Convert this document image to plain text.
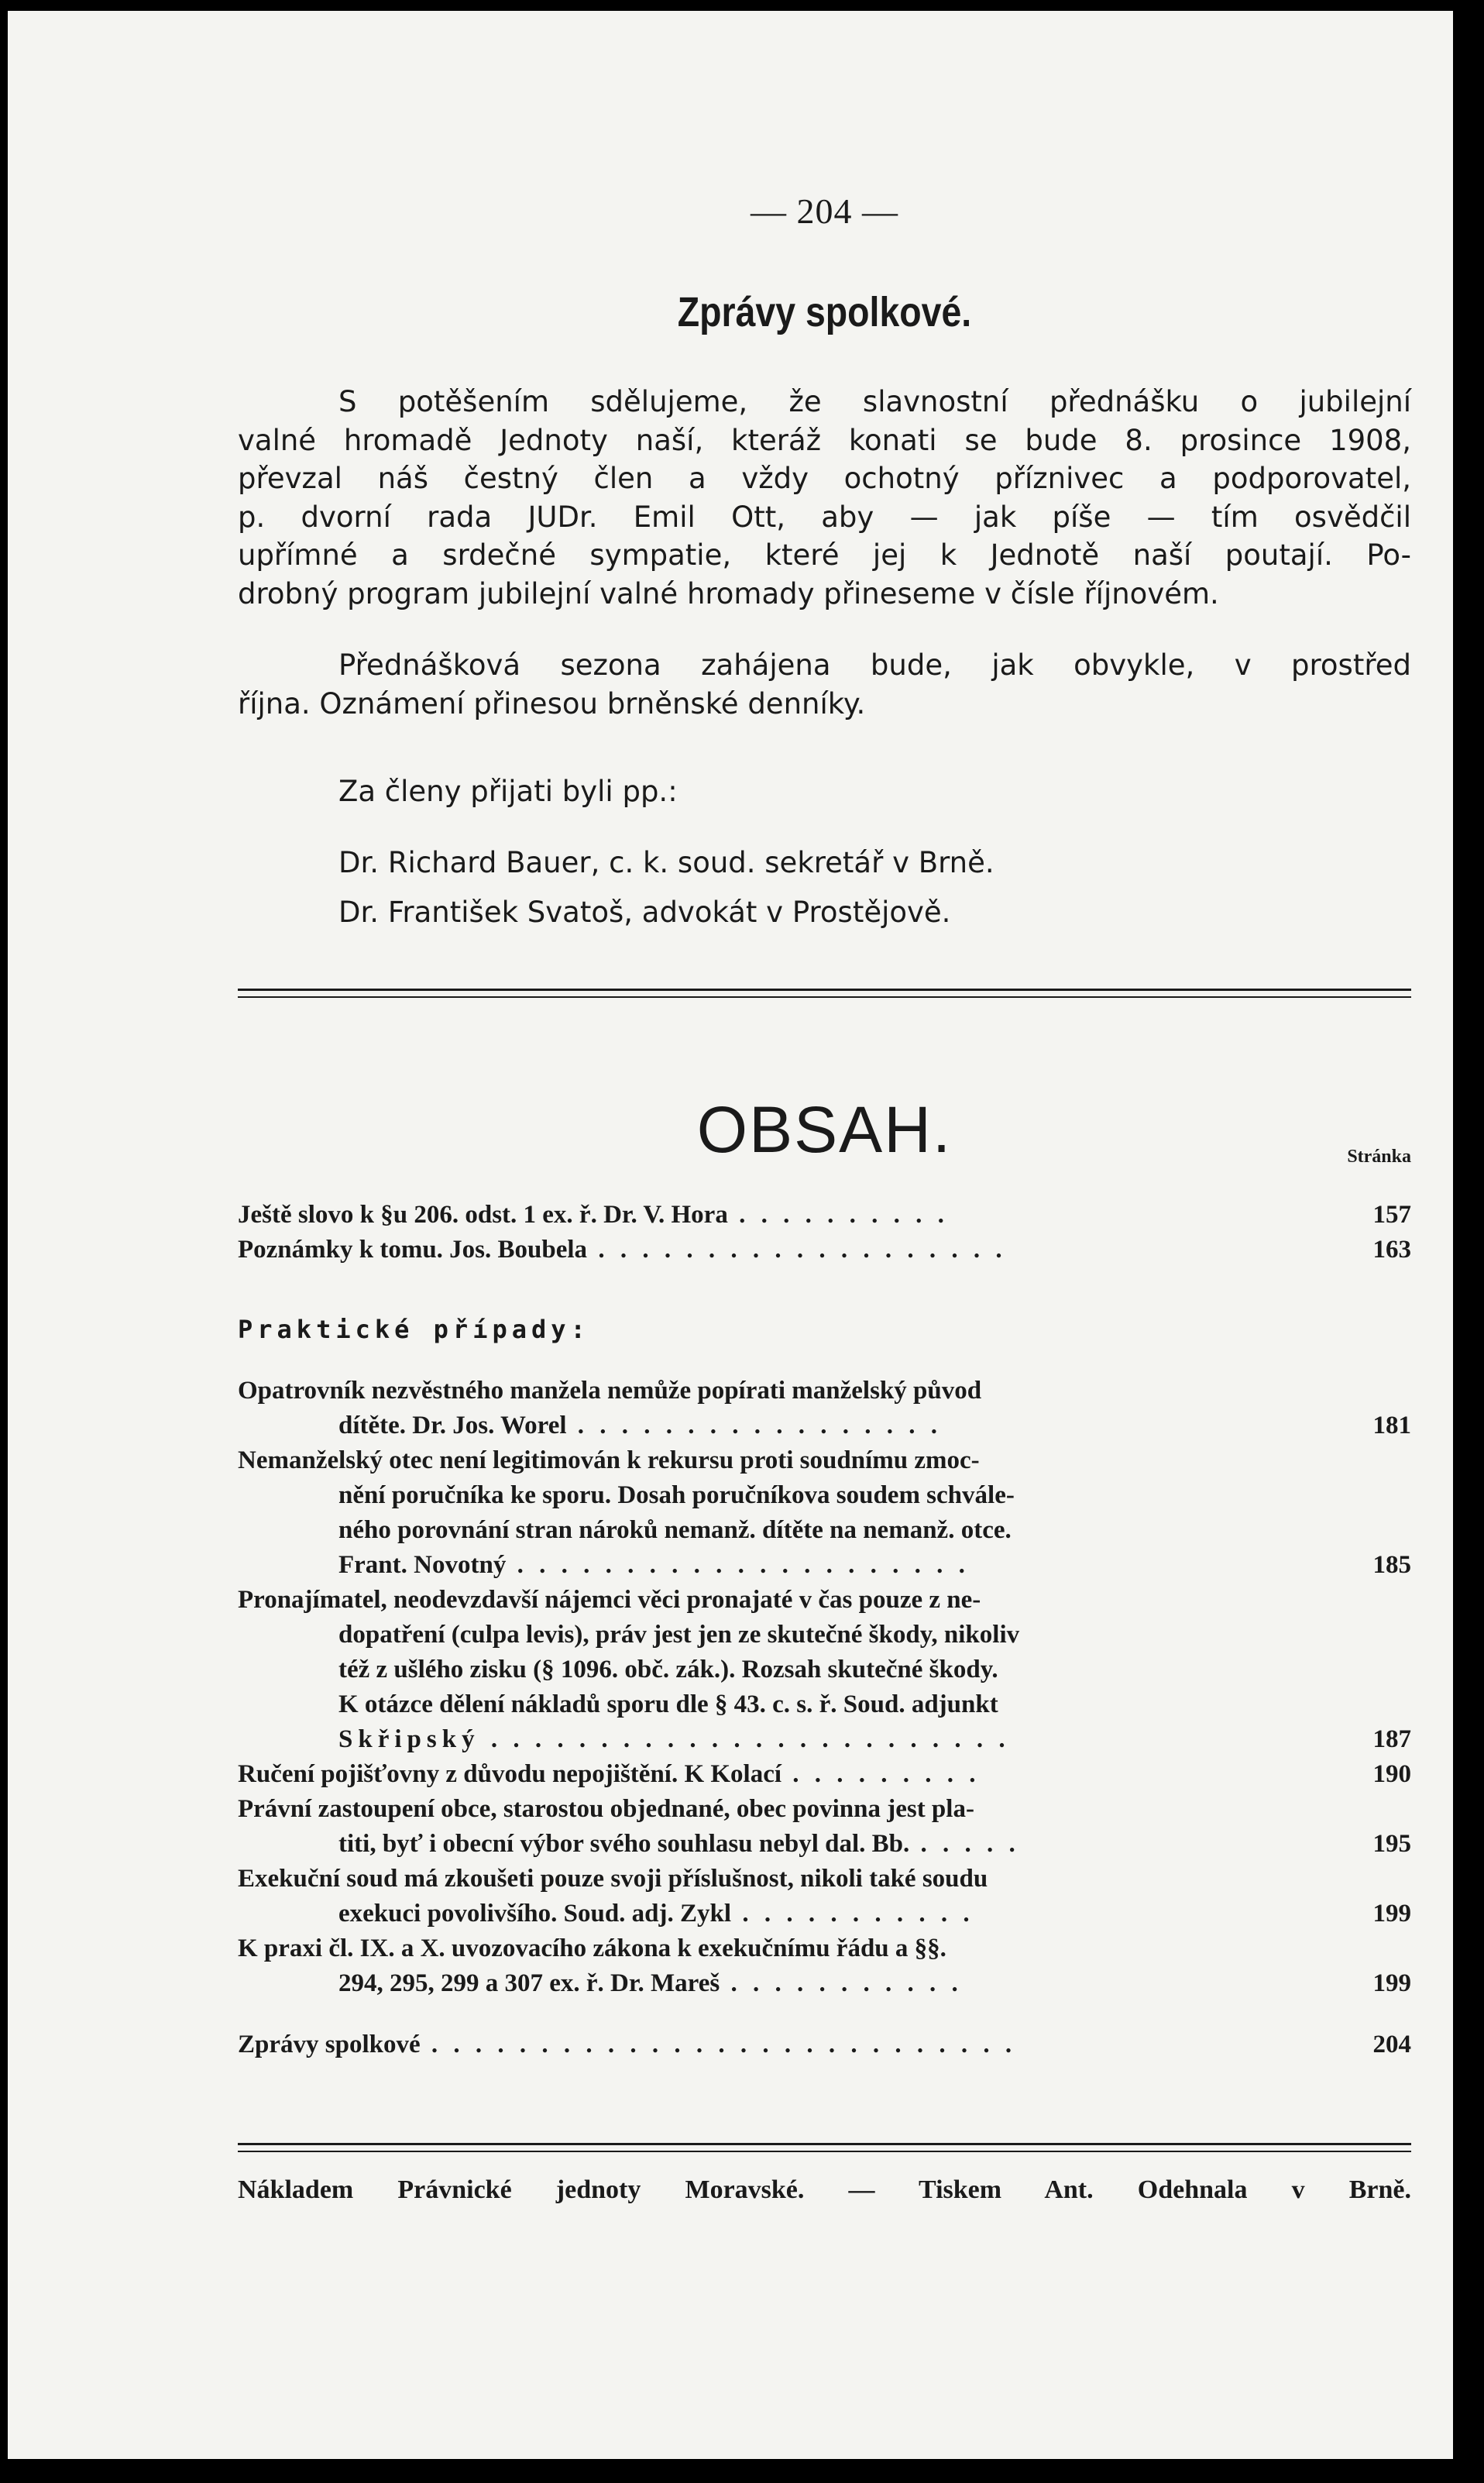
— 204 —
Zprávy spolkové.
S potěšením sdělujeme, že slavnostní přednášku o jubilejní
valné hromadě Jednoty naší, kteráž konati se bude 8. prosince 1908,
převzal náš čestný člen a vždy ochotný příznivec a podporovatel,
p. dvorní rada JUDr. Emil Ott, aby — jak píše — tím osvědčil
upřímné a srdečné sympatie, které jej k Jednotě naší poutají. Po-
drobný program jubilejní valné hromady přineseme v čísle říjnovém.
Přednášková sezona zahájena bude, jak obvykle, v prostřed
října. Oznámení přinesou brněnské denníky.
Za členy přijati byli pp.:
Dr. Richard Bauer, c. k. soud. sekretář v Brně.
Dr. František Svatoš, advokát v Prostějově.
OBSAH.	Stránka
Ještě slovo k §u 206. odst. 1 ex. ř. Dr. V. Hora . . . . . . . . . .	157
Poznámky k tomu. Jos. Boubela . . . . . . . . . . . . . . . . . . .	163
Praktické případy:
Opatrovník nezvěstného manžela nemůže popírati manželský původ
dítěte. Dr. Jos. Worel . . . . . . . . . . . . . . . . .	181
Nemanželský otec není legitimován k rekursu proti soudnímu zmoc-
nění poručníka ke sporu. Dosah poručníkova soudem schvále-
ného porovnání stran nároků nemanž. dítěte na nemanž. otce.
Frant. Novotný . . . . . . . . . . . . . . . . . . . . .	185
Pronajímatel, neodevzdavší nájemci věci pronajaté v čas pouze z ne-
dopatření (culpa levis), práv jest jen ze skutečné škody, nikoliv
též z ušlého zisku (§ 1096. obč. zák.). Rozsah skutečné škody.
K otázce dělení nákladů sporu dle § 43. c. s. ř. Soud. adjunkt
Skřipský . . . . . . . . . . . . . . . . . . . . . . . .	187
Ručení pojišťovny z důvodu nepojištění. K Kolací . . . . . . . . .	190
Právní zastoupení obce, starostou objednané, obec povinna jest pla-
titi, byť i obecní výbor svého souhlasu nebyl dal. Bb. . . . . .	195
Exekuční soud má zkoušeti pouze svoji příslušnost, nikoli také soudu
exekuci povolivšího. Soud. adj. Zykl . . . . . . . . . . .	199
K praxi čl. IX. a X. uvozovacího zákona k exekučnímu řádu a §§.
294, 295, 299 a 307 ex. ř. Dr. Mareš . . . . . . . . . . .	199
Zprávy spolkové . . . . . . . . . . . . . . . . . . . . . . . . . . .	204
Nákladem Právnické jednoty Moravské. — Tiskem Ant. Odehnala v Brně.
